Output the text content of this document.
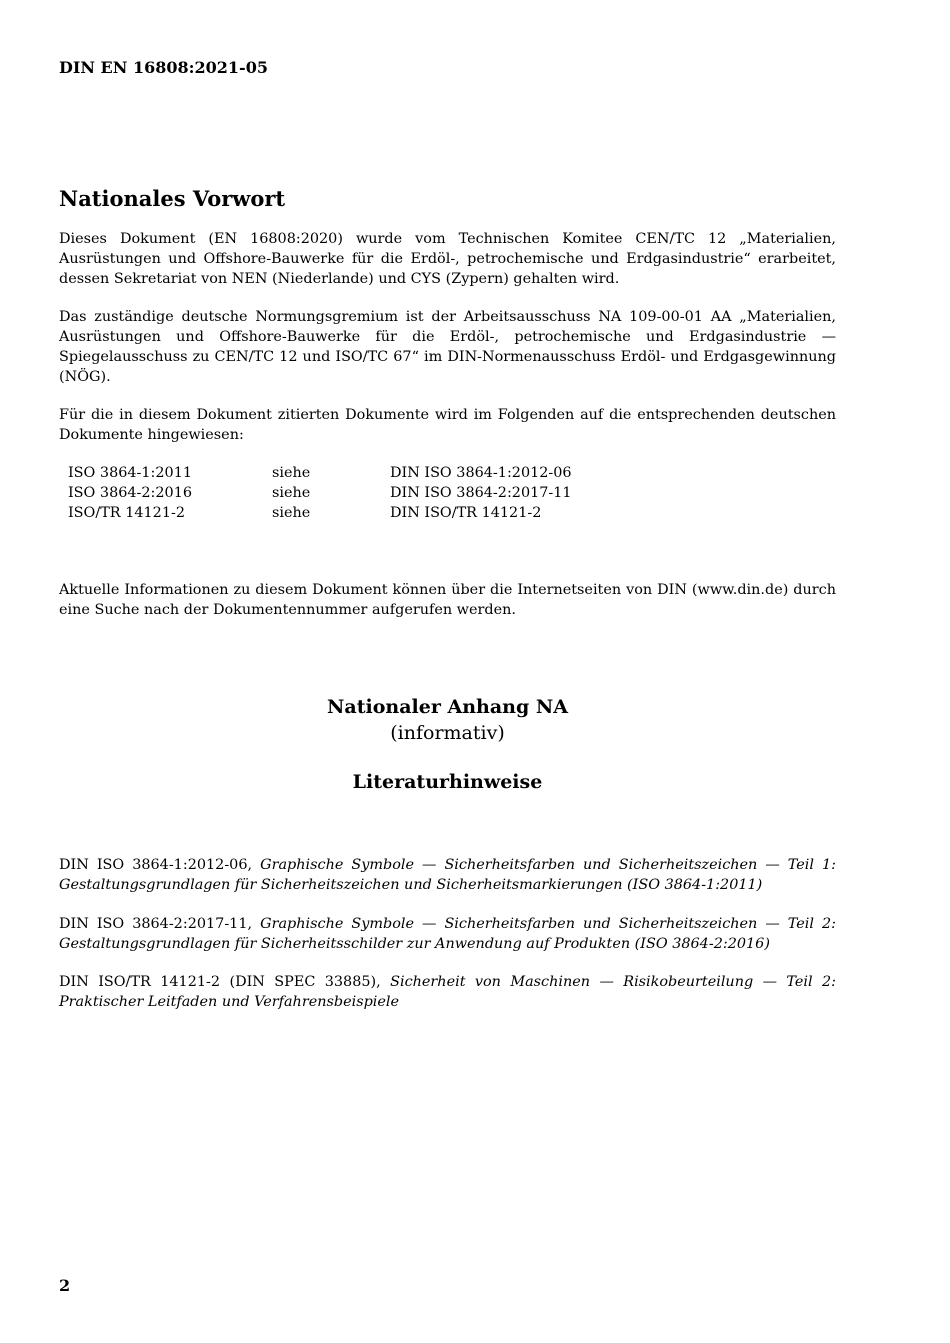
DIN EN 16808:2021-05
Nationales Vorwort

Dieses Dokument (EN 16808:2020) wurde vom Technischen Komitee CEN/TC 12 „Materialien, Ausrüstungen und Offshore-Bauwerke für die Erdöl-, petrochemische und Erdgasindustrie“ erarbeitet, dessen Sekretariat von NEN (Niederlande) und CYS (Zypern) gehalten wird.

Das zuständige deutsche Normungsgremium ist der Arbeitsausschuss NA 109-00-01 AA „Materialien, Ausrüstungen und Offshore-Bauwerke für die Erdöl-, petrochemische und Erdgasindustrie — Spiegelausschuss zu CEN/TC 12 und ISO/TC 67“ im DIN-Normenausschuss Erdöl- und Erdgasgewinnung (NÖG).

Für die in diesem Dokument zitierten Dokumente wird im Folgenden auf die entsprechenden deutschen Dokumente hingewiesen:

ISO 3864-1:2011	siehe	DIN ISO 3864-1:2012-06
ISO 3864-2:2016	siehe	DIN ISO 3864-2:2017-11
ISO/TR 14121-2	siehe	DIN ISO/TR 14121-2

Aktuelle Informationen zu diesem Dokument können über die Internetseiten von DIN (www.din.de) durch eine Suche nach der Dokumentennummer aufgerufen werden.

Nationaler Anhang NA
(informativ)
Literaturhinweise

DIN ISO 3864-1:2012-06, Graphische Symbole — Sicherheitsfarben und Sicherheitszeichen — Teil 1: Gestaltungsgrundlagen für Sicherheitszeichen und Sicherheitsmarkierungen (ISO 3864-1:2011)

DIN ISO 3864-2:2017-11, Graphische Symbole — Sicherheitsfarben und Sicherheitszeichen — Teil 2: Gestaltungsgrundlagen für Sicherheitsschilder zur Anwendung auf Produkten (ISO 3864-2:2016)

DIN ISO/TR 14121-2 (DIN SPEC 33885), Sicherheit von Maschinen — Risikobeurteilung — Teil 2: Praktischer Leitfaden und Verfahrensbeispiele

2
